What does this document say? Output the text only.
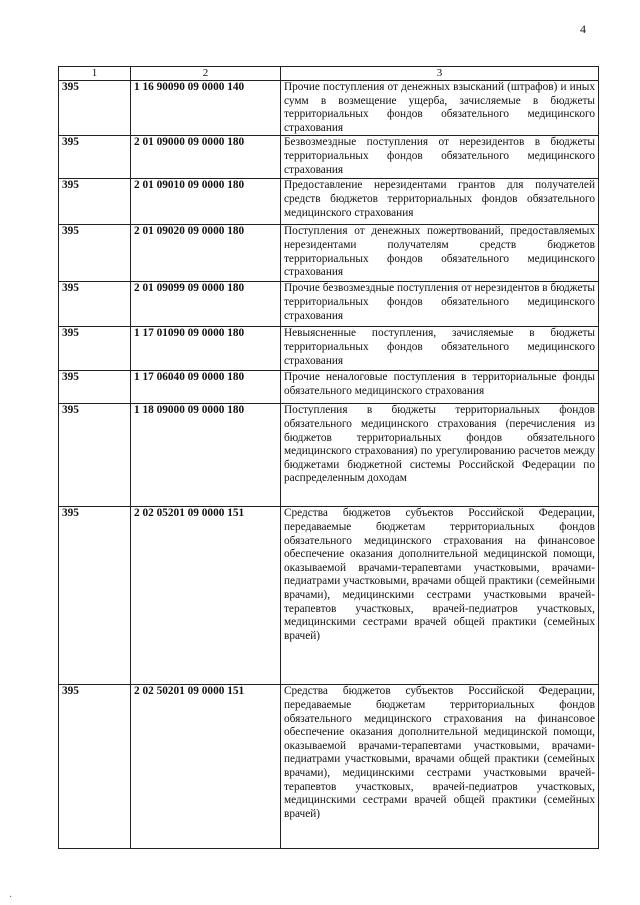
4
1	2	3
395	1 16 90090 09 0000 140	Прочие поступления от денежных взысканий (штрафов) и иных сумм в возмещение ущерба, зачисляемые в бюджеты территориальных фондов обязательного медицинского страхования
395	2 01 09000 09 0000 180	Безвозмездные поступления от нерезидентов в бюджеты территориальных фондов обязательного медицинского страхования
395	2 01 09010 09 0000 180	Предоставление нерезидентами грантов для получателей средств бюджетов территориальных фондов обязательного медицинского страхования
395	2 01 09020 09 0000 180	Поступления от денежных пожертвований, предоставляемых нерезидентами получателям средств бюджетов территориальных фондов обязательного медицинского страхования
395	2 01 09099 09 0000 180	Прочие безвозмездные поступления от нерезидентов в бюджеты территориальных фондов обязательного медицинского страхования
395	1 17 01090 09 0000 180	Невыясненные поступления, зачисляемые в бюджеты территориальных фондов обязательного медицинского страхования
395	1 17 06040 09 0000 180	Прочие неналоговые поступления в территориальные фонды обязательного медицинского страхования
395	1 18 09000 09 0000 180	Поступления в бюджеты территориальных фондов обязательного медицинского страхования (перечисления из бюджетов территориальных фондов обязательного медицинского страхования) по урегулированию расчетов между бюджетами бюджетной системы Российской Федерации по распределенным доходам
395	2 02 05201 09 0000 151	Средства бюджетов субъектов Российской Федерации, передаваемые бюджетам территориальных фондов обязательного медицинского страхования на финансовое обеспечение оказания дополнительной медицинской помощи, оказываемой врачами-терапевтами участковыми, врачами-педиатрами участковыми, врачами общей практики (семейными врачами), медицинскими сестрами участковыми врачей-терапевтов участковых, врачей-педиатров участковых, медицинскими сестрами врачей общей практики (семейных врачей)
395	2 02 50201 09 0000 151	Средства бюджетов субъектов Российской Федерации, передаваемые бюджетам территориальных фондов обязательного медицинского страхования на финансовое обеспечение оказания дополнительной медицинской помощи, оказываемой врачами-терапевтами участковыми, врачами-педиатрами участковыми, врачами общей практики (семейных врачами), медицинскими сестрами участковыми врачей-терапевтов участковых, врачей-педиатров участковых, медицинскими сестрами врачей общей практики (семейных врачей)
·
